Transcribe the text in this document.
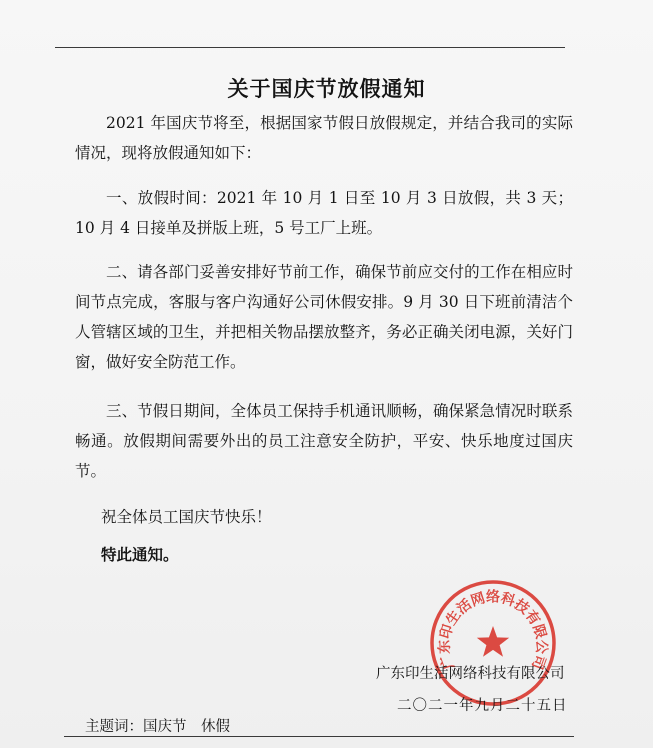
关于国庆节放假通知

2021 年国庆节将至，根据国家节假日放假规定，并结合我司的实际情况，现将放假通知如下：

一、放假时间：2021 年 10 月 1 日至 10 月 3 日放假，共 3 天；10 月 4 日接单及拼版上班，5 号工厂上班。

二、请各部门妥善安排好节前工作，确保节前应交付的工作在相应时间节点完成，客服与客户沟通好公司休假安排。9 月 30 日下班前清洁个人管辖区域的卫生，并把相关物品摆放整齐，务必正确关闭电源，关好门窗，做好安全防范工作。

三、节假日期间，全体员工保持手机通讯顺畅，确保紧急情况时联系畅通。放假期间需要外出的员工注意安全防护，平安、快乐地度过国庆节。

祝全体员工国庆节快乐！

特此通知。

广东印生活网络科技有限公司

广东印生活网络科技有限公司

二〇二一年九月二十五日

主题词：国庆节　休假
